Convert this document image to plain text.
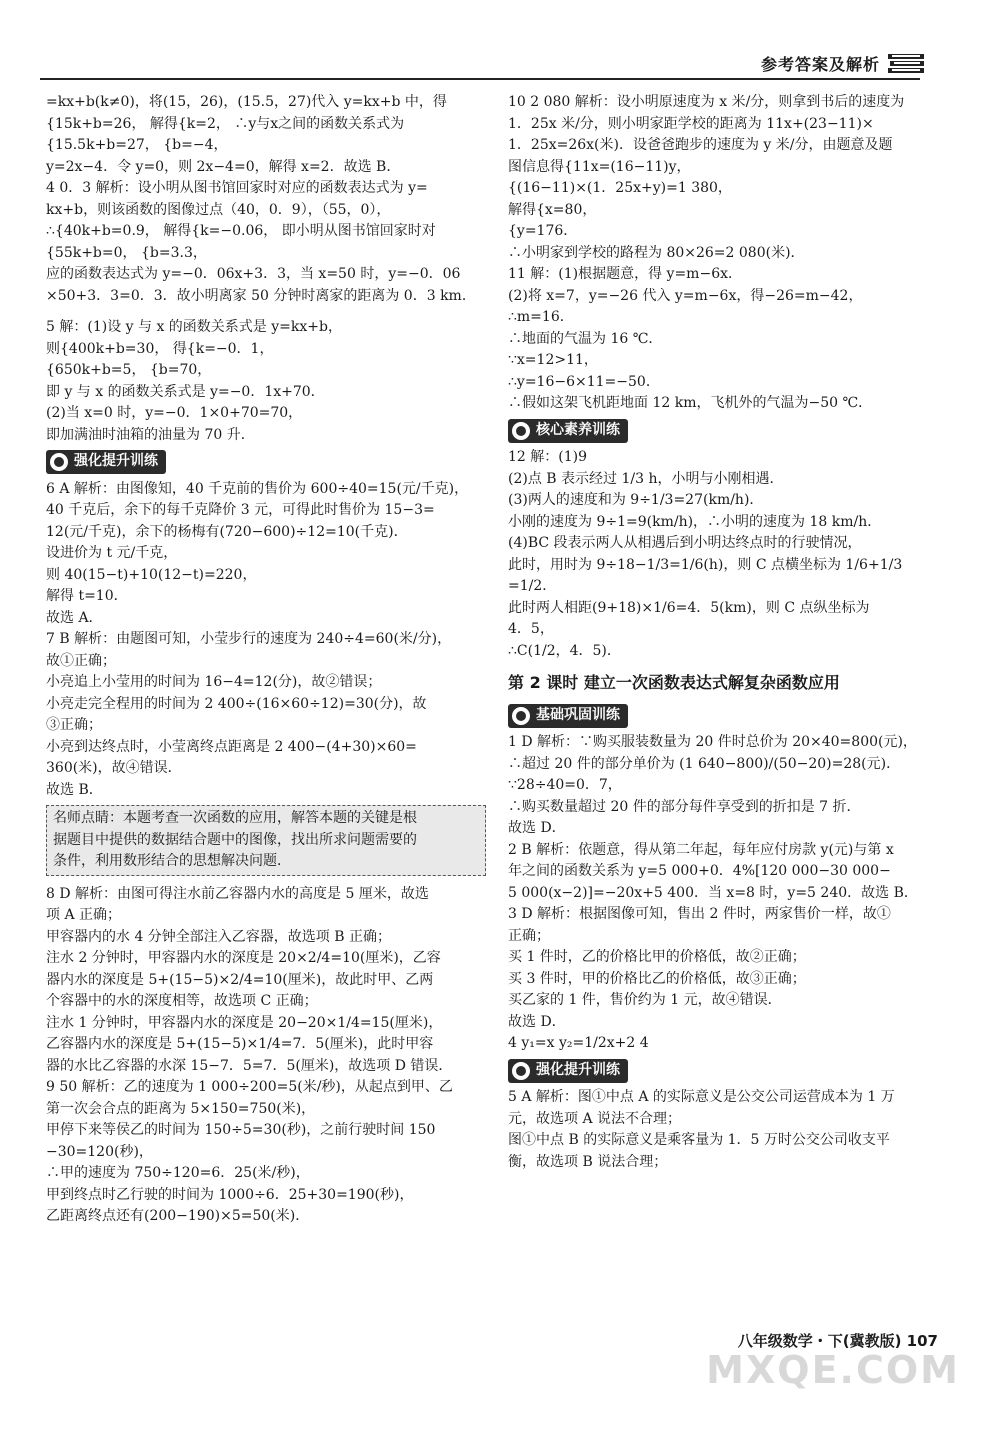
参考答案及解析
=kx+b(k≠0)，将(15，26)，(15.5，27)代入 y=kx+b 中，得
{15k+b=26， 解得{k=2， ∴y与x之间的函数关系式为
{15.5k+b=27， {b=−4，
y=2x−4．令 y=0，则 2x−4=0，解得 x=2．故选 B．
4 0．3 解析：设小明从图书馆回家时对应的函数表达式为 y=
kx+b，则该函数的图像过点（40，0．9），（55，0），
∴{40k+b=0.9， 解得{k=−0.06， 即小明从图书馆回家时对
{55k+b=0， {b=3.3，
应的函数表达式为 y=−0．06x+3．3，当 x=50 时，y=−0．06
×50+3．3=0．3．故小明离家 50 分钟时离家的距离为 0．3 km．
5 解：(1)设 y 与 x 的函数关系式是 y=kx+b，
则{400k+b=30， 得{k=−0．1，
{650k+b=5， {b=70，
即 y 与 x 的函数关系式是 y=−0．1x+70．
(2)当 x=0 时，y=−0．1×0+70=70，
即加满油时油箱的油量为 70 升．
强化提升训练
6 A 解析：由图像知，40 千克前的售价为 600÷40=15(元/千克)，
40 千克后，余下的每千克降价 3 元，可得此时售价为 15−3=
12(元/千克)，余下的杨梅有(720−600)÷12=10(千克)．
设进价为 t 元/千克，
则 40(15−t)+10(12−t)=220，
解得 t=10．
故选 A．
7 B 解析：由题图可知，小莹步行的速度为 240÷4=60(米/分)，
故①正确；
小亮追上小莹用的时间为 16−4=12(分)，故②错误；
小亮走完全程用的时间为 2 400÷(16×60÷12)=30(分)，故
③正确；
小亮到达终点时，小莹离终点距离是 2 400−(4+30)×60=
360(米)，故④错误．
故选 B．
名师点睛：本题考查一次函数的应用，解答本题的关键是根
据题目中提供的数据结合题中的图像，找出所求问题需要的
条件，利用数形结合的思想解决问题．
8 D 解析：由图可得注水前乙容器内水的高度是 5 厘米，故选
项 A 正确；
甲容器内的水 4 分钟全部注入乙容器，故选项 B 正确；
注水 2 分钟时，甲容器内水的深度是 20×2/4=10(厘米)，乙容
器内水的深度是 5+(15−5)×2/4=10(厘米)，故此时甲、乙两
个容器中的水的深度相等，故选项 C 正确；
注水 1 分钟时，甲容器内水的深度是 20−20×1/4=15(厘米)，
乙容器内水的深度是 5+(15−5)×1/4=7．5(厘米)，此时甲容
器的水比乙容器的水深 15−7．5=7．5(厘米)，故选项 D 错误．
9 50 解析：乙的速度为 1 000÷200=5(米/秒)，从起点到甲、乙
第一次会合点的距离为 5×150=750(米)，
甲停下来等侯乙的时间为 150÷5=30(秒)，之前行驶时间 150
−30=120(秒)，
∴甲的速度为 750÷120=6．25(米/秒)，
甲到终点时乙行驶的时间为 1000÷6．25+30=190(秒)，
乙距离终点还有(200−190)×5=50(米)．
10 2 080 解析：设小明原速度为 x 米/分，则拿到书后的速度为
1．25x 米/分，则小明家距学校的距离为 11x+(23−11)×
1．25x=26x(米)．设爸爸跑步的速度为 y 米/分，由题意及题
图信息得{11x=(16−11)y，
{(16−11)×(1．25x+y)=1 380，
解得{x=80，
{y=176．
∴小明家到学校的路程为 80×26=2 080(米)．
11 解：(1)根据题意，得 y=m−6x．
(2)将 x=7，y=−26 代入 y=m−6x，得−26=m−42，
∴m=16．
∴地面的气温为 16 ℃．
∵x=12>11，
∴y=16−6×11=−50．
∴假如这架飞机距地面 12 km，飞机外的气温为−50 ℃．
核心素养训练
12 解：(1)9
(2)点 B 表示经过 1/3 h，小明与小刚相遇．
(3)两人的速度和为 9÷1/3=27(km/h)．
小刚的速度为 9÷1=9(km/h)，∴小明的速度为 18 km/h．
(4)BC 段表示两人从相遇后到小明达终点时的行驶情况，
此时，用时为 9÷18−1/3=1/6(h)，则 C 点横坐标为 1/6+1/3
=1/2．
此时两人相距(9+18)×1/6=4．5(km)，则 C 点纵坐标为
4．5，
∴C(1/2，4．5)．
第 2 课时 建立一次函数表达式解复杂函数应用
基础巩固训练
1 D 解析：∵购买服装数量为 20 件时总价为 20×40=800(元)，
∴超过 20 件的部分单价为 (1 640−800)/(50−20)=28(元)．
∵28÷40=0．7，
∴购买数量超过 20 件的部分每件享受到的折扣是 7 折．
故选 D．
2 B 解析：依题意，得从第二年起，每年应付房款 y(元)与第 x
年之间的函数关系为 y=5 000+0．4%[120 000−30 000−
5 000(x−2)]=−20x+5 400．当 x=8 时，y=5 240．故选 B．
3 D 解析：根据图像可知，售出 2 件时，两家售价一样，故①
正确；
买 1 件时，乙的价格比甲的价格低，故②正确；
买 3 件时，甲的价格比乙的价格低，故③正确；
买乙家的 1 件，售价约为 1 元，故④错误．
故选 D．
4 y₁=x y₂=1/2x+2 4
强化提升训练
5 A 解析：图①中点 A 的实际意义是公交公司运营成本为 1 万
元，故选项 A 说法不合理；
图①中点 B 的实际意义是乘客量为 1．5 万时公交公司收支平
衡，故选项 B 说法合理；
八年级数学・下(冀教版) 107
MXQE.COM
